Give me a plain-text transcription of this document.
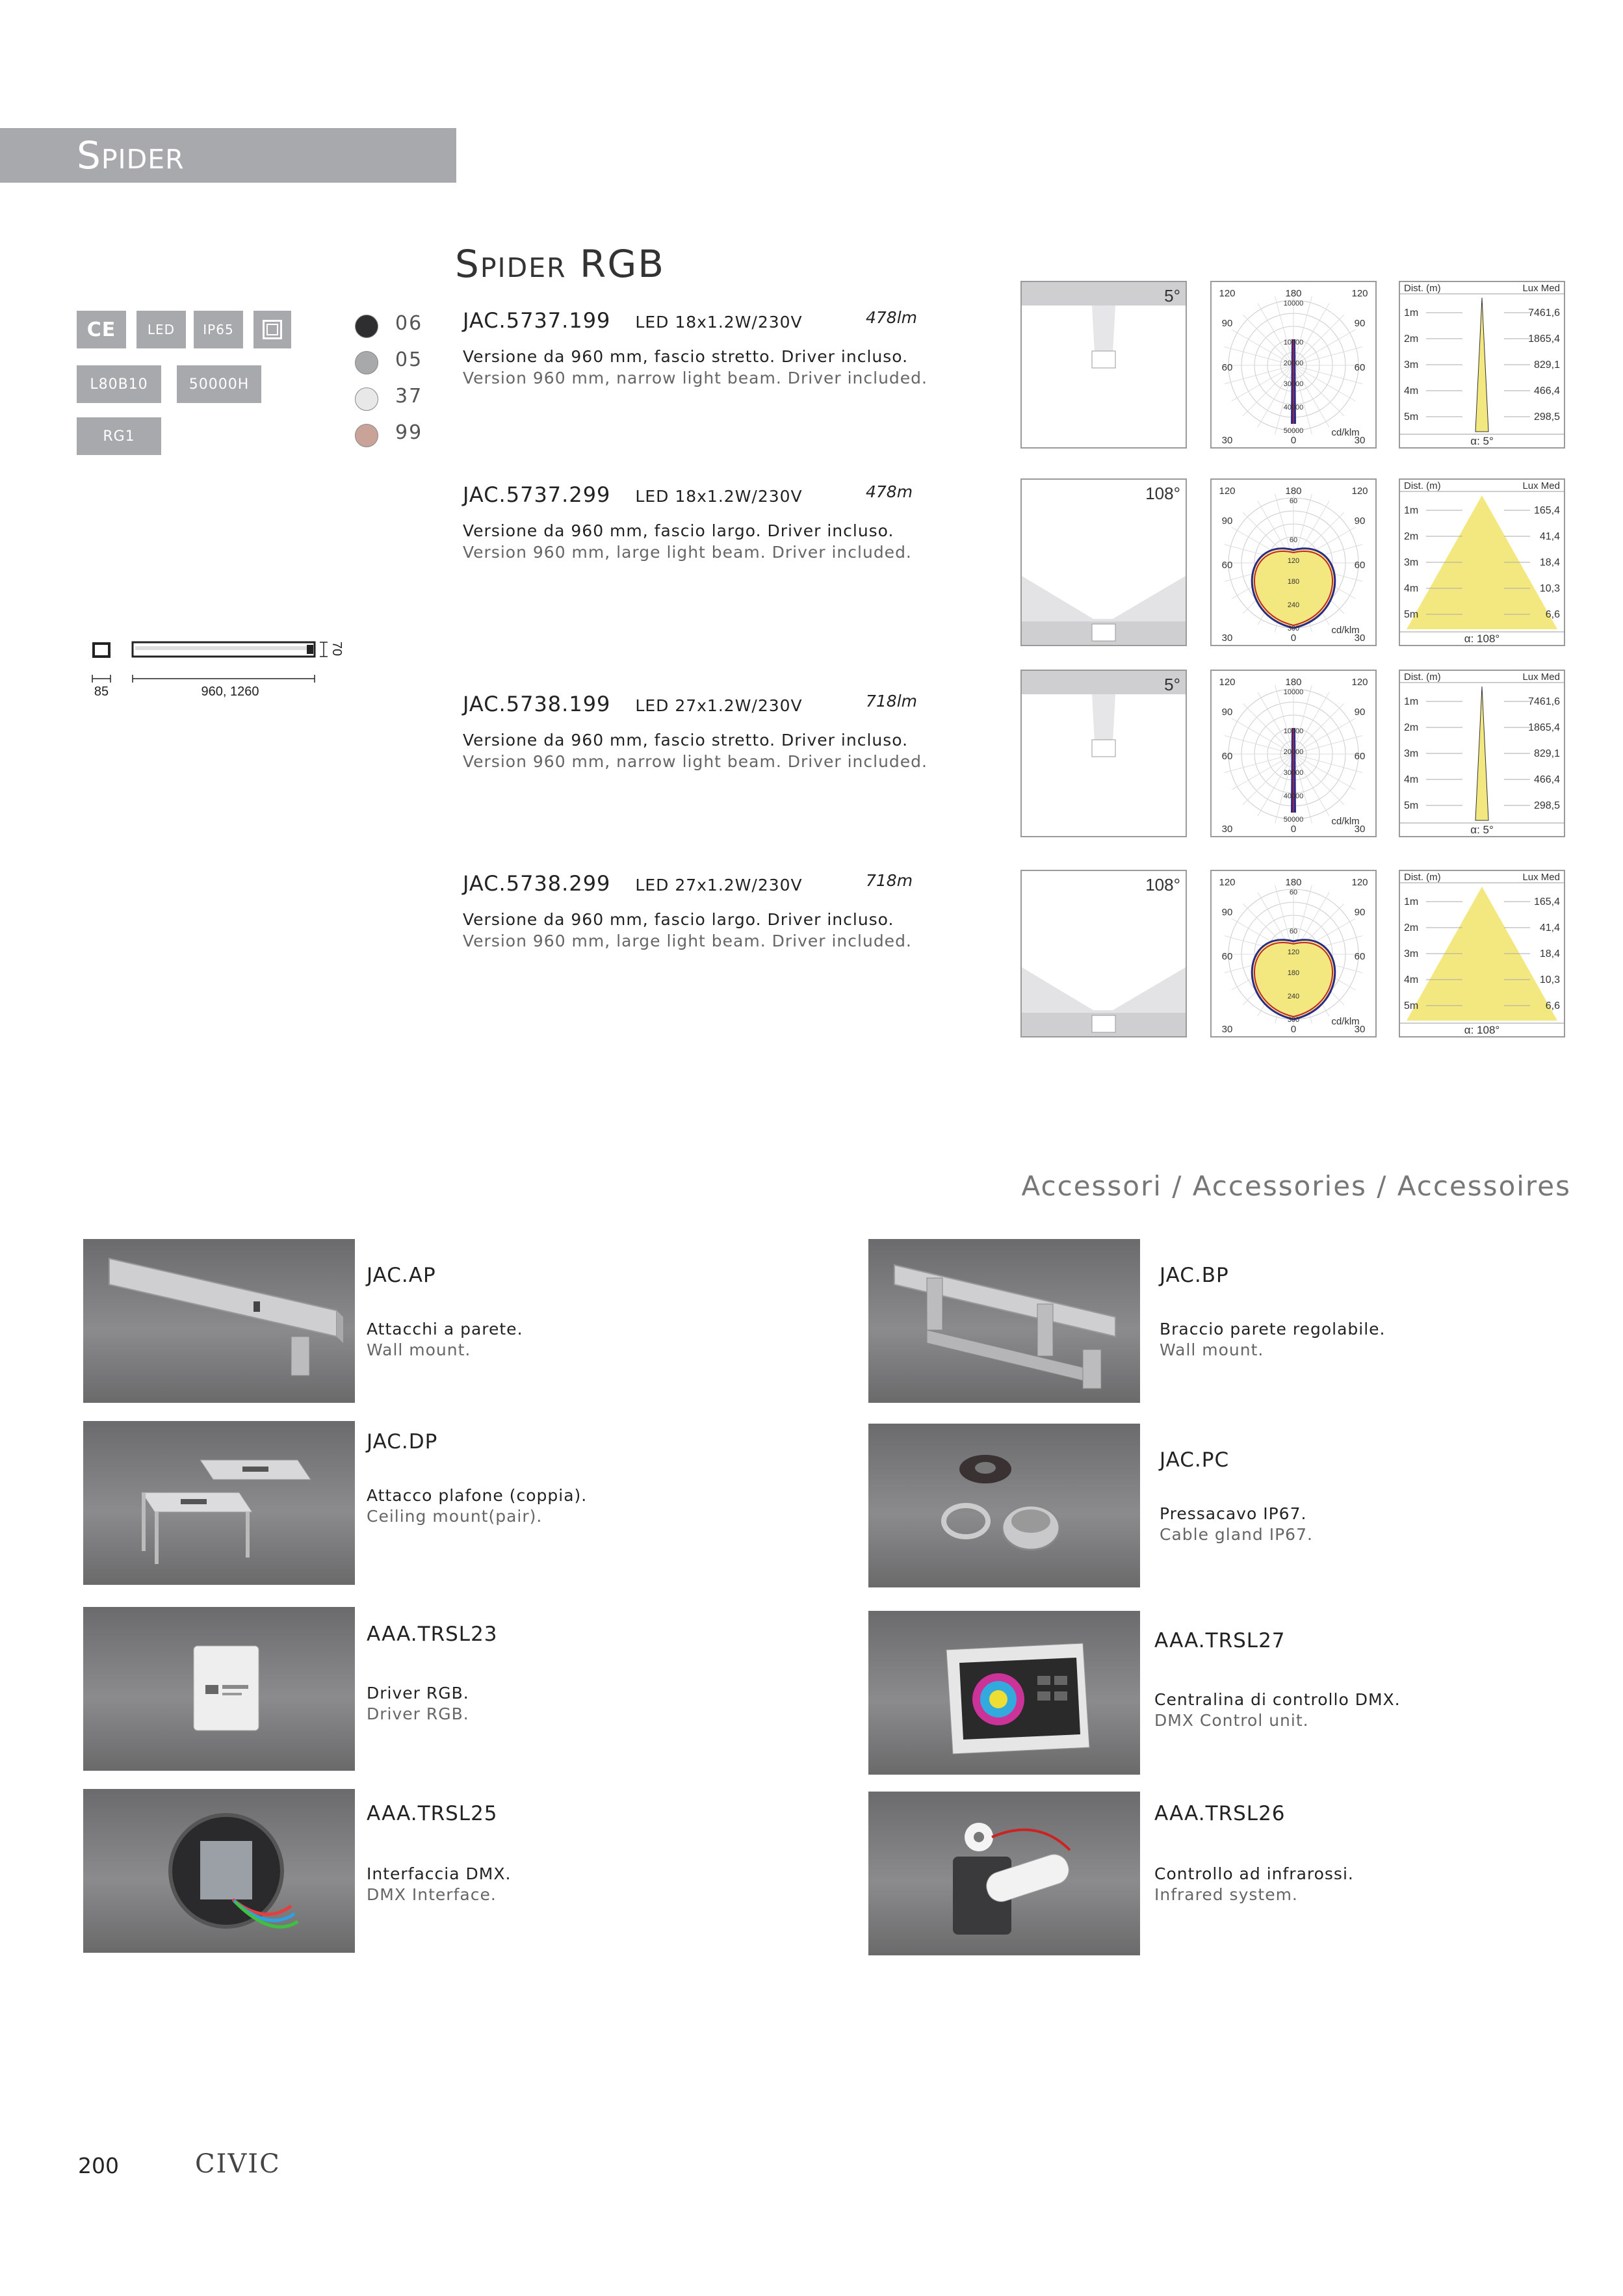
Spider
Spider RGB
CE	LED	IP65
L80B10	50000H
RG1
06
05
37
99
70
85	960, 1260
JAC.5737.199 LED 18x1.2W/230V	478lm
Versione da 960 mm, fascio stretto. Driver incluso.
Version 960 mm, narrow light beam. Driver included.
JAC.5737.299 LED 18x1.2W/230V	478m
Versione da 960 mm, fascio largo. Driver incluso.
Version 960 mm, large light beam. Driver included.
JAC.5738.199 LED 27x1.2W/230V	718lm
Versione da 960 mm, fascio stretto. Driver incluso.
Version 960 mm, narrow light beam. Driver included.
JAC.5738.299 LED 27x1.2W/230V	718m
Versione da 960 mm, fascio largo. Driver incluso.
Version 960 mm, large light beam. Driver included.
5°	120	180	120
90	90
60	60
30	0	30
cd/klm
10000
10000
20000
30000
40000
50000
Dist. (m)	Lux Med
1m	7461,6
2m	1865,4
3m	829,1
4m	466,4
5m	298,5
α: 5°
108°	120	180	120
90	90
60	60
30	0	30
cd/klm
60
60
120
180
240
300
Dist. (m)	Lux Med
1m	165,4
2m	41,4
3m	18,4
4m	10,3
5m	6,6
α: 108°
5°	120	180	120
90	90
60	60
30	0	30
cd/klm
10000
10000
20000
30000
40000
50000
Dist. (m)	Lux Med
1m	7461,6
2m	1865,4
3m	829,1
4m	466,4
5m	298,5
α: 5°
108°	120	180	120
90	90
60	60
30	0	30
cd/klm
60
60
120
180
240
300
Dist. (m)	Lux Med
1m	165,4
2m	41,4
3m	18,4
4m	10,3
5m	6,6
α: 108°
Accessori / Accessories / Accessoires
JAC.AP
Attacchi a parete.
Wall mount.
JAC.BP
Braccio parete regolabile.
Wall mount.
JAC.DP
Attacco plafone (coppia).
Ceiling mount(pair).
JAC.PC
Pressacavo IP67.
Cable gland IP67.
AAA.TRSL23
Driver RGB.
Driver RGB.
AAA.TRSL27
Centralina di controllo DMX.
DMX Control unit.
AAA.TRSL25
Interfaccia DMX.
DMX Interface.
AAA.TRSL26
Controllo ad infrarossi.
Infrared system.
200	CIVIC
